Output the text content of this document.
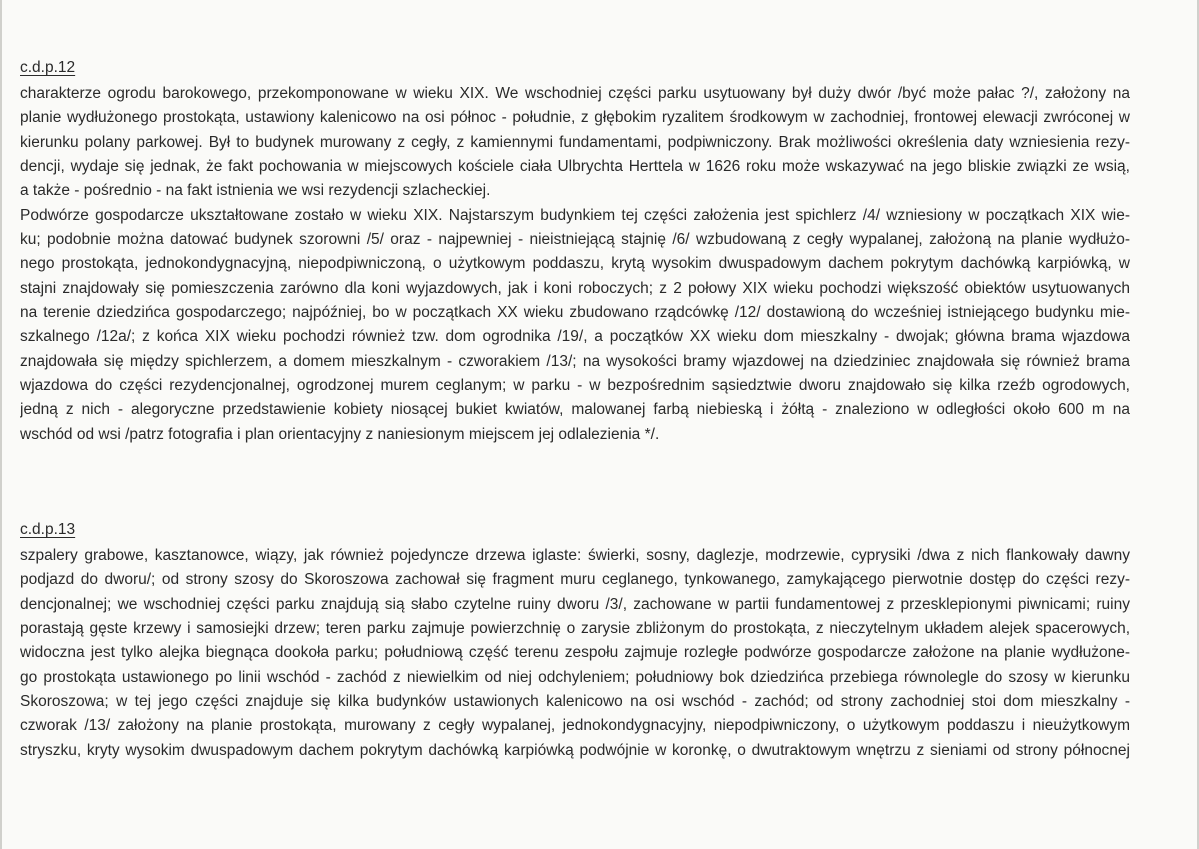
c.d.p.12
charakterze ogrodu barokowego, przekomponowane w wieku XIX. We wschodniej części parku usytuowany był duży dwór /być może pałac ?/, założony na
planie wydłużonego prostokąta, ustawiony kalenicowo na osi północ - południe, z głębokim ryzalitem środkowym w zachodniej, frontowej elewacji zwróconej w
kierunku polany parkowej. Był to budynek murowany z cegły, z kamiennymi fundamentami, podpiwniczony. Brak możliwości określenia daty wzniesienia rezy-
dencji, wydaje się jednak, że fakt pochowania w miejscowych kościele ciała Ulbrychta Herttela w 1626 roku może wskazywać na jego bliskie związki ze wsią,
a także - pośrednio - na fakt istnienia we wsi rezydencji szlacheckiej.
Podwórze gospodarcze ukształtowane zostało w wieku XIX. Najstarszym budynkiem tej części założenia jest spichlerz /4/ wzniesiony w początkach XIX wie-
ku; podobnie można datować budynek szorowni /5/ oraz - najpewniej - nieistniejącą stajnię /6/ wzbudowaną z cegły wypalanej, założoną na planie wydłużo-
nego prostokąta, jednokondygnacyjną, niepodpiwniczoną, o użytkowym poddaszu, krytą wysokim dwuspadowym dachem pokrytym dachówką karpiówką, w
stajni znajdowały się pomieszczenia zarówno dla koni wyjazdowych, jak i koni roboczych; z 2 połowy XIX wieku pochodzi większość obiektów usytuowanych
na terenie dziedzińca gospodarczego; najpóźniej, bo w początkach XX wieku zbudowano rządcówkę /12/ dostawioną do wcześniej istniejącego budynku mie-
szkalnego /12a/; z końca XIX wieku pochodzi również tzw. dom ogrodnika /19/, a początków XX wieku dom mieszkalny - dwojak; główna brama wjazdowa
znajdowała się między spichlerzem, a domem mieszkalnym - czworakiem /13/; na wysokości bramy wjazdowej na dziedziniec znajdowała się również brama
wjazdowa do części rezydencjonalnej, ogrodzonej murem ceglanym; w parku - w bezpośrednim sąsiedztwie dworu znajdowało się kilka rzeźb ogrodowych,
jedną z nich - alegoryczne przedstawienie kobiety niosącej bukiet kwiatów, malowanej farbą niebieską i żółtą - znaleziono w odległości około 600 m na
wschód od wsi /patrz fotografia i plan orientacyjny z naniesionym miejscem jej odlalezienia */.
c.d.p.13
szpalery grabowe, kasztanowce, wiązy, jak również pojedyncze drzewa iglaste: świerki, sosny, daglezje, modrzewie, cyprysiki /dwa z nich flankowały dawny
podjazd do dworu/; od strony szosy do Skoroszowa zachował się fragment muru ceglanego, tynkowanego, zamykającego pierwotnie dostęp do części rezy-
dencjonalnej; we wschodniej części parku znajdują sią słabo czytelne ruiny dworu /3/, zachowane w partii fundamentowej z przesklepionymi piwnicami; ruiny
porastają gęste krzewy i samosiejki drzew; teren parku zajmuje powierzchnię o zarysie zbliżonym do prostokąta, z nieczytelnym układem alejek spacerowych,
widoczna jest tylko alejka biegnąca dookoła parku; południową część terenu zespołu zajmuje rozległe podwórze gospodarcze założone na planie wydłużone-
go prostokąta ustawionego po linii wschód - zachód z niewielkim od niej odchyleniem; południowy bok dziedzińca przebiega równolegle do szosy w kierunku
Skoroszowa; w tej jego części znajduje się kilka budynków ustawionych kalenicowo na osi wschód - zachód; od strony zachodniej stoi dom mieszkalny -
czworak /13/ założony na planie prostokąta, murowany z cegły wypalanej, jednokondygnacyjny, niepodpiwniczony, o użytkowym poddaszu i nieużytkowym
stryszku, kryty wysokim dwuspadowym dachem pokrytym dachówką karpiówką podwójnie w koronkę, o dwutraktowym wnętrzu z sieniami od strony północnej
